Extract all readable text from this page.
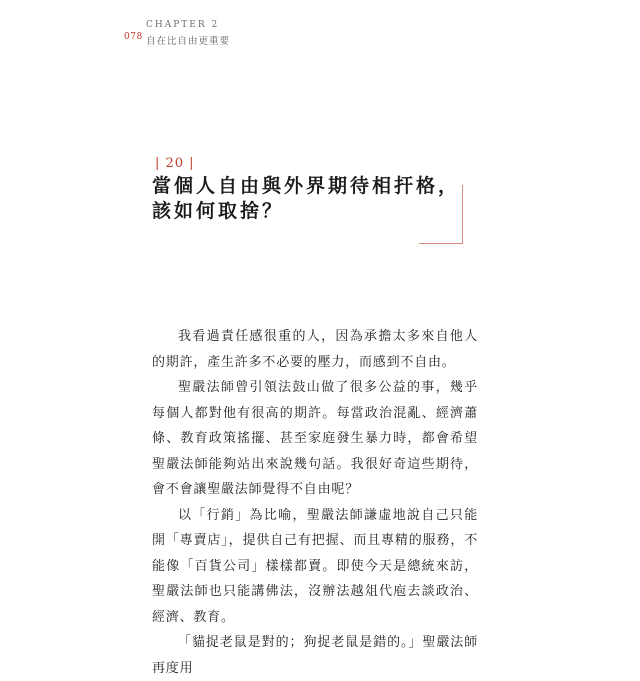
078
CHAPTER 2
自在比自由更重要
| 20 |
當個人自由與外界期待相扞格，
該如何取捨？

我看過責任感很重的人，因為承擔太多來自他人的期許，產生許多不必要的壓力，而感到不自由。

聖嚴法師曾引領法鼓山做了很多公益的事，幾乎每個人都對他有很高的期許。每當政治混亂、經濟蕭條、教育政策搖擺、甚至家庭發生暴力時，都會希望聖嚴法師能夠站出來說幾句話。我很好奇這些期待，會不會讓聖嚴法師覺得不自由呢？

以「行銷」為比喻，聖嚴法師謙虛地說自己只能開「專賣店」，提供自己有把握、而且專精的服務，不能像「百貨公司」樣樣都賣。即使今天是總統來訪，聖嚴法師也只能講佛法，沒辦法越俎代庖去談政治、經濟、教育。

「貓捉老鼠是對的；狗捉老鼠是錯的。」聖嚴法師再度用
